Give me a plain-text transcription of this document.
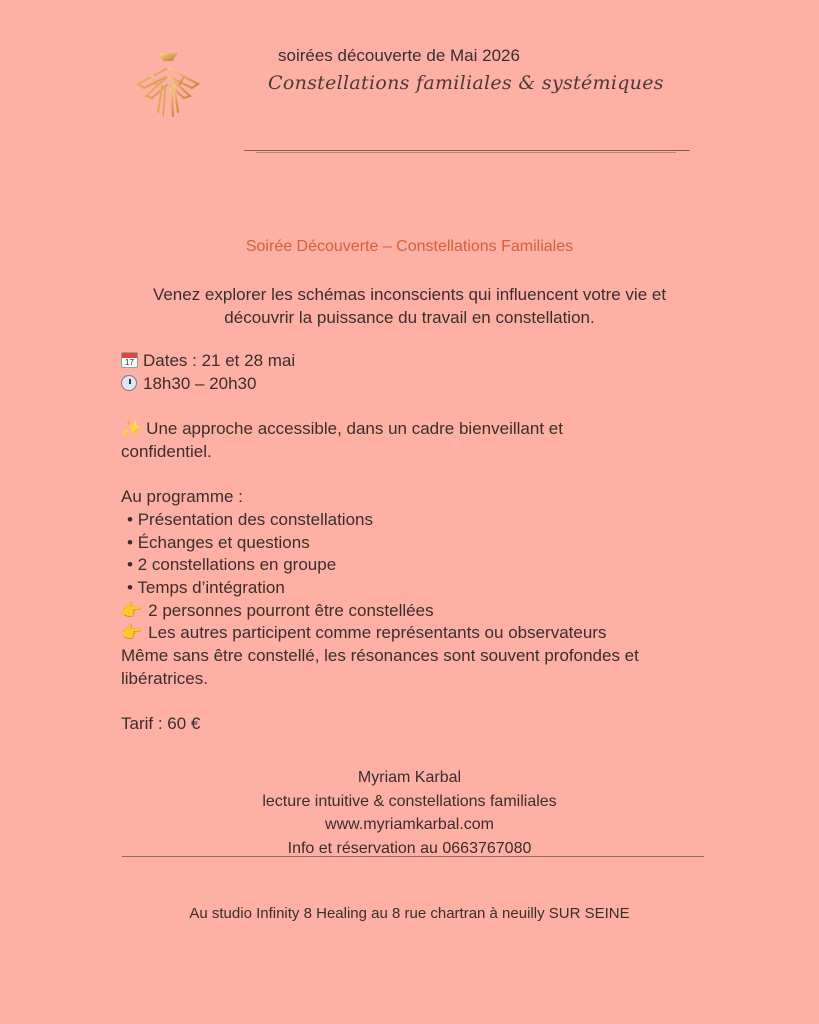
soirées découverte de Mai 2026
Constellations familiales & systémiques
Soirée Découverte – Constellations Familiales
Venez explorer les schémas inconscients qui influencent votre vie et
découvrir la puissance du travail en constellation.
17 Dates : 21 et 28 mai
18h30 – 20h30
✨ Une approche accessible, dans un cadre bienveillant et
confidentiel.
Au programme :
• Présentation des constellations
• Échanges et questions
• 2 constellations en groupe
• Temps d’intégration
👉 2 personnes pourront être constellées
👉 Les autres participent comme représentants ou observateurs
Même sans être constellé, les résonances sont souvent profondes et
libératrices.
Tarif : 60 €
Myriam Karbal
lecture intuitive & constellations familiales
www.myriamkarbal.com
Info et réservation au 0663767080
Au studio Infinity 8 Healing au 8 rue chartran à neuilly SUR SEINE
